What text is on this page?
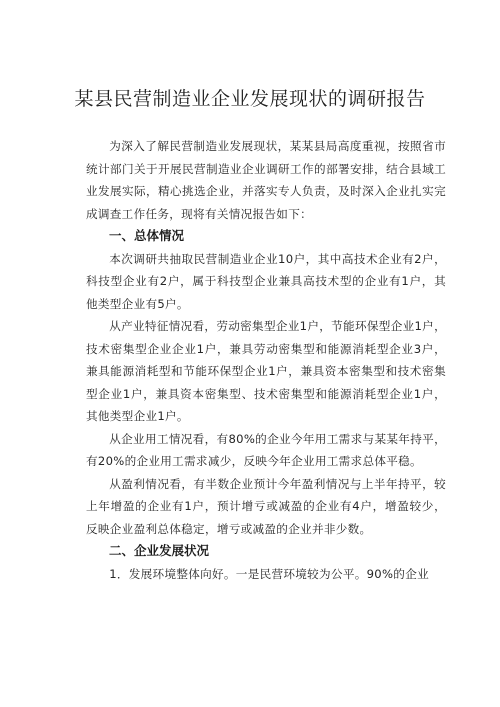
某县民营制造业企业发展现状的调研报告

为深入了解民营制造业发展现状，某某县局高度重视，按照省市统计部门关于开展民营制造业企业调研工作的部署安排，结合县域工业发展实际，精心挑选企业，并落实专人负责，及时深入企业扎实完成调查工作任务，现将有关情况报告如下：

一、总体情况

本次调研共抽取民营制造业企业10户，其中高技术企业有2户，科技型企业有2户，属于科技型企业兼具高技术型的企业有1户，其他类型企业有5户。

从产业特征情况看，劳动密集型企业1户，节能环保型企业1户，技术密集型企业企业1户，兼具劳动密集型和能源消耗型企业3户，兼具能源消耗型和节能环保型企业1户，兼具资本密集型和技术密集型企业1户，兼具资本密集型、技术密集型和能源消耗型企业1户，其他类型企业1户。

从企业用工情况看，有80%的企业今年用工需求与某某年持平，有20%的企业用工需求减少，反映今年企业用工需求总体平稳。

从盈利情况看，有半数企业预计今年盈利情况与上半年持平，较上年增盈的企业有1户，预计增亏或减盈的企业有4户，增盈较少，反映企业盈利总体稳定，增亏或减盈的企业并非少数。

二、企业发展状况

1．发展环境整体向好。一是民营环境较为公平。90%的企业
